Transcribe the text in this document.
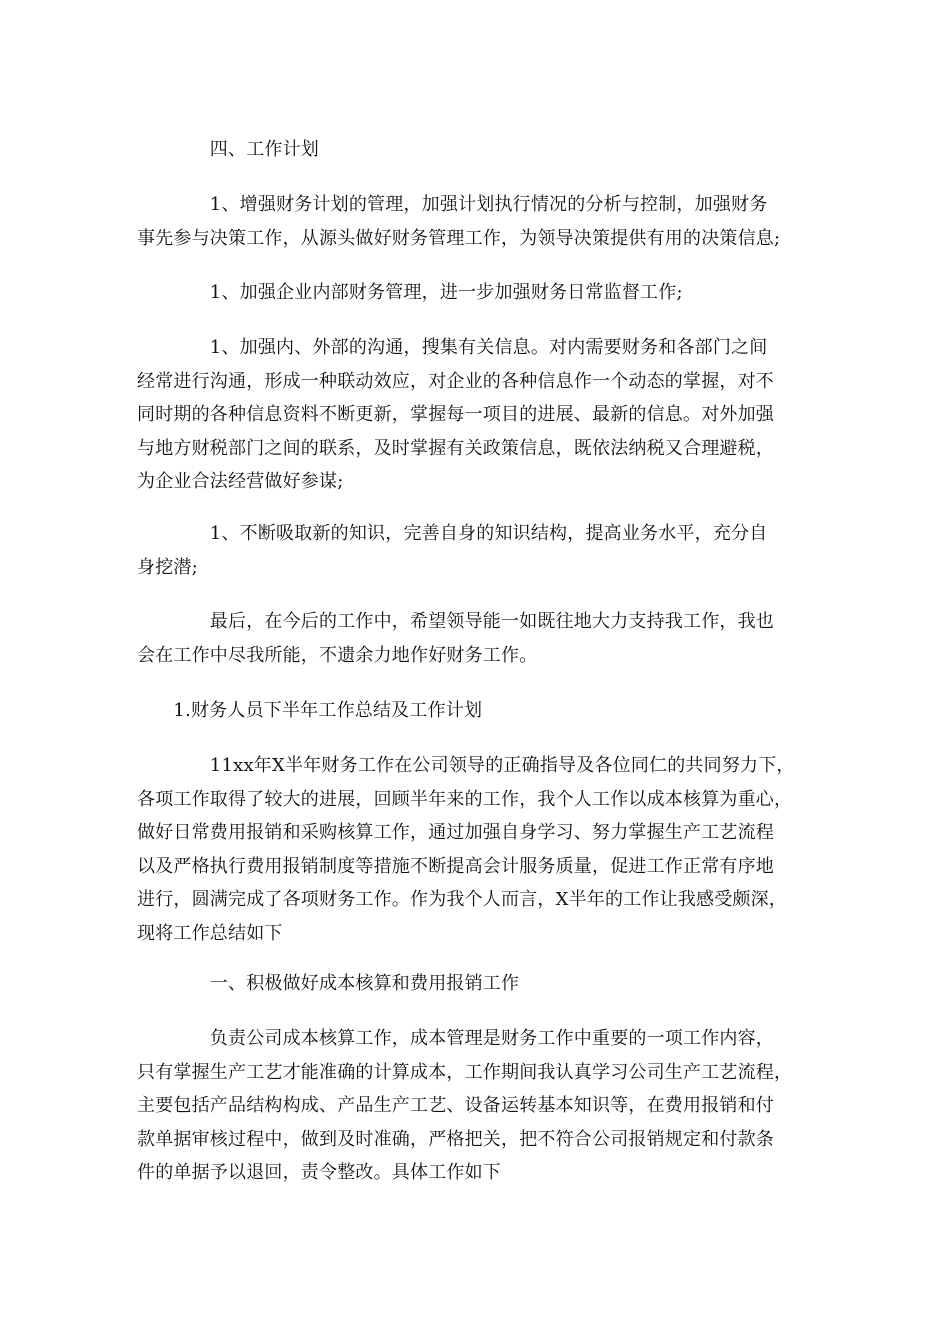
　　　　四、工作计划
　　　　1、增强财务计划的管理，加强计划执行情况的分析与控制，加强财务
事先参与决策工作，从源头做好财务管理工作，为领导决策提供有用的决策信息;
　　　　1、加强企业内部财务管理，进一步加强财务日常监督工作;
　　　　1、加强内、外部的沟通，搜集有关信息。对内需要财务和各部门之间
经常进行沟通，形成一种联动效应，对企业的各种信息作一个动态的掌握，对不
同时期的各种信息资料不断更新，掌握每一项目的进展、最新的信息。对外加强
与地方财税部门之间的联系，及时掌握有关政策信息，既依法纳税又合理避税，
为企业合法经营做好参谋;
　　　　1、不断吸取新的知识，完善自身的知识结构，提高业务水平，充分自
身挖潜;
　　　　最后，在今后的工作中，希望领导能一如既往地大力支持我工作，我也
会在工作中尽我所能，不遗余力地作好财务工作。
　　1.财务人员下半年工作总结及工作计划
　　　　11xx年X半年财务工作在公司领导的正确指导及各位同仁的共同努力下，
各项工作取得了较大的进展，回顾半年来的工作，我个人工作以成本核算为重心，
做好日常费用报销和采购核算工作，通过加强自身学习、努力掌握生产工艺流程
以及严格执行费用报销制度等措施不断提高会计服务质量，促进工作正常有序地
进行，圆满完成了各项财务工作。作为我个人而言，X半年的工作让我感受颇深，
现将工作总结如下
　　　　一、积极做好成本核算和费用报销工作
　　　　负责公司成本核算工作，成本管理是财务工作中重要的一项工作内容，
只有掌握生产工艺才能准确的计算成本，工作期间我认真学习公司生产工艺流程，
主要包括产品结构构成、产品生产工艺、设备运转基本知识等，在费用报销和付
款单据审核过程中，做到及时准确，严格把关，把不符合公司报销规定和付款条
件的单据予以退回，责令整改。具体工作如下
